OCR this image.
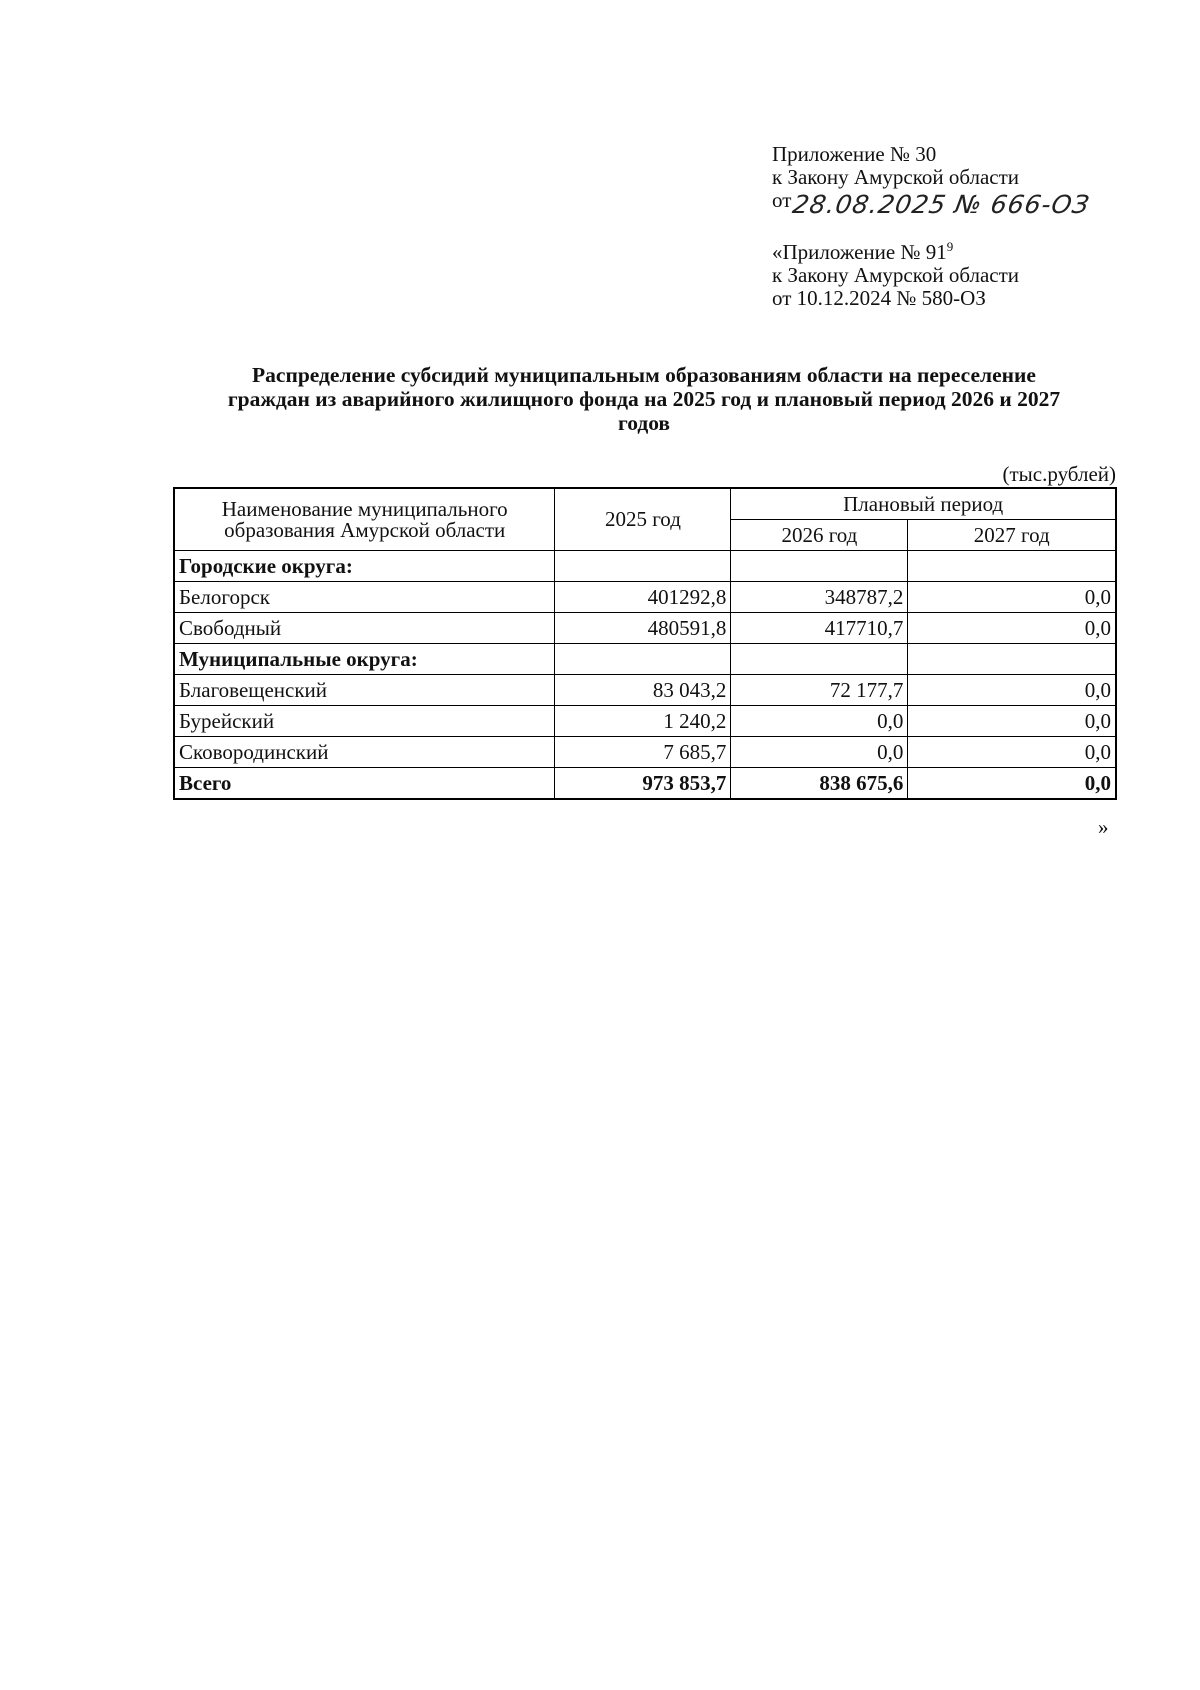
Приложение № 30
к Закону Амурской области
от 28.08.2025 № 666-ОЗ
«Приложение № $91^9$
к Закону Амурской области
от 10.12.2024 № 580-ОЗ
Распределение субсидий муниципальным образованиям области на переселение
граждан из аварийного жилищного фонда на 2025 год и плановый период 2026 и 2027
годов
(тыс.рублей)
Наименование муниципального образования Амурской области	2025 год	Плановый период	
		2026 год	2027 год
Городские округа:			
Белогорск	401292,8	348787,2	0,0
Свободный	480591,8	417710,7	0,0
Муниципальные округа:			
Благовещенский	83 043,2	72 177,7	0,0
Бурейский	1 240,2	0,0	0,0
Сковородинский	7 685,7	0,0	0,0
Всего	973 853,7	838 675,6	0,0
»
